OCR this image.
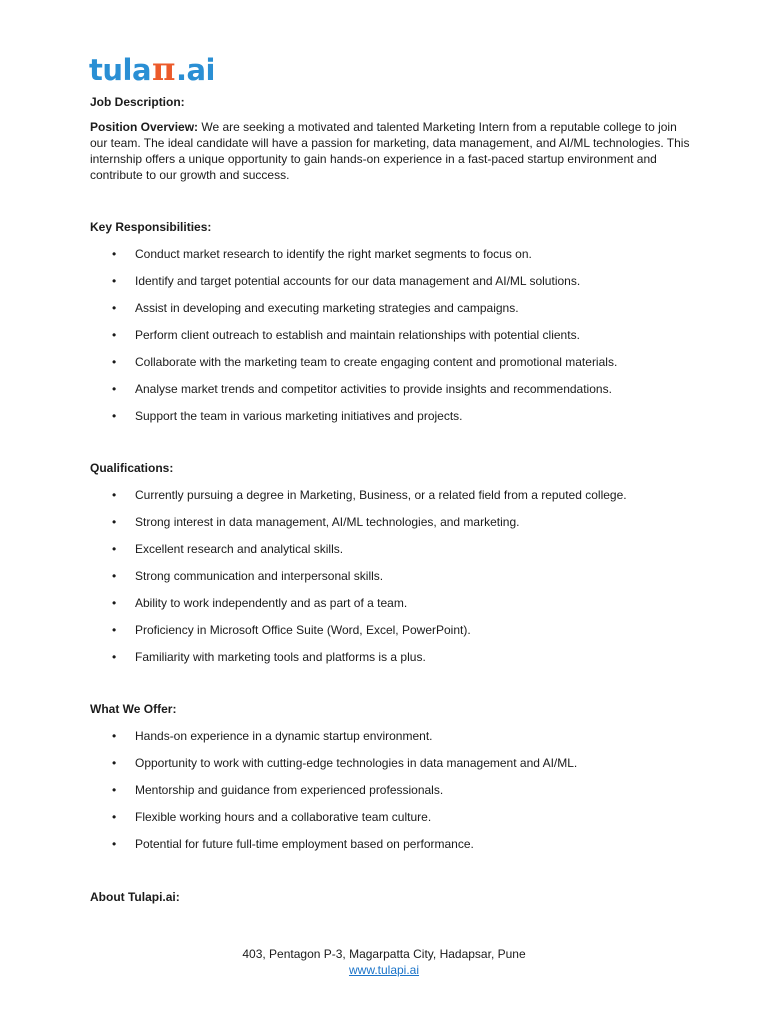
tula π .ai

Job Description:

Position Overview: We are seeking a motivated and talented Marketing Intern from a reputable college to join our team. The ideal candidate will have a passion for marketing, data management, and AI/ML technologies. This internship offers a unique opportunity to gain hands-on experience in a fast-paced startup environment and contribute to our growth and success.

Key Responsibilities:

• Conduct market research to identify the right market segments to focus on.
• Identify and target potential accounts for our data management and AI/ML solutions.
• Assist in developing and executing marketing strategies and campaigns.
• Perform client outreach to establish and maintain relationships with potential clients.
• Collaborate with the marketing team to create engaging content and promotional materials.
• Analyse market trends and competitor activities to provide insights and recommendations.
• Support the team in various marketing initiatives and projects.

Qualifications:

• Currently pursuing a degree in Marketing, Business, or a related field from a reputed college.
• Strong interest in data management, AI/ML technologies, and marketing.
• Excellent research and analytical skills.
• Strong communication and interpersonal skills.
• Ability to work independently and as part of a team.
• Proficiency in Microsoft Office Suite (Word, Excel, PowerPoint).
• Familiarity with marketing tools and platforms is a plus.

What We Offer:

• Hands-on experience in a dynamic startup environment.
• Opportunity to work with cutting-edge technologies in data management and AI/ML.
• Mentorship and guidance from experienced professionals.
• Flexible working hours and a collaborative team culture.
• Potential for future full-time employment based on performance.

About Tulapi.ai:

403, Pentagon P-3, Magarpatta City, Hadapsar, Pune
www.tulapi.ai
